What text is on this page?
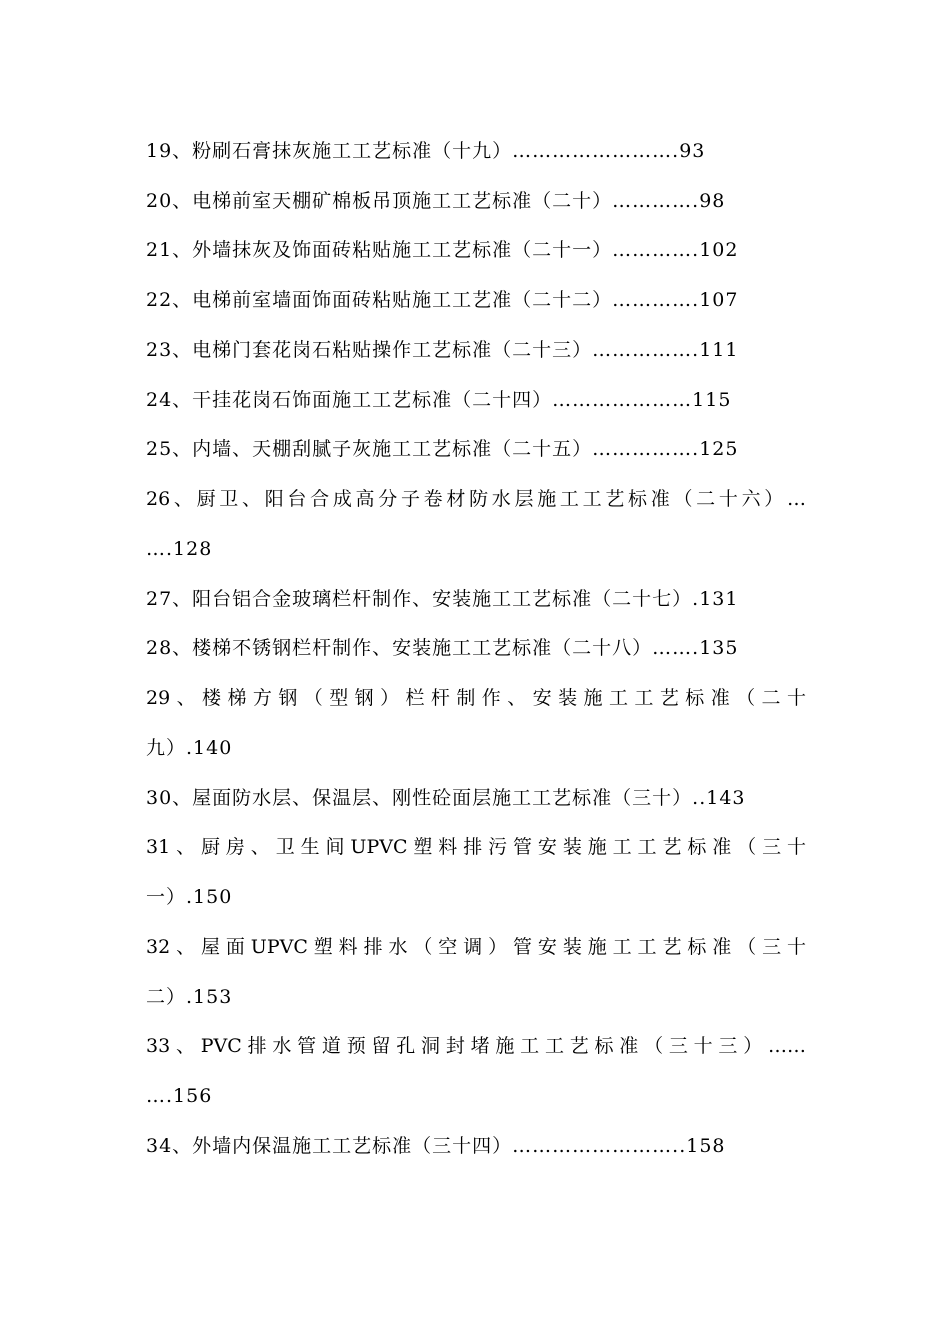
19、粉刷石膏抹灰施工工艺标准（十九）…………………….93
20、电梯前室天棚矿棉板吊顶施工工艺标准（二十）………….98
21、外墙抹灰及饰面砖粘贴施工工艺标准（二十一）………….102
22、电梯前室墙面饰面砖粘贴施工工艺准（二十二）………….107
23、电梯门套花岗石粘贴操作工艺标准（二十三）…………….111
24、干挂花岗石饰面施工工艺标准（二十四）…………………115
25、内墙、天棚刮腻子灰施工工艺标准（二十五）…………….125
26、厨卫、阳台合成高分子卷材防水层施工工艺标准（二十六）…
….128
27、阳台铝合金玻璃栏杆制作、安装施工工艺标准（二十七）.131
28、楼梯不锈钢栏杆制作、安装施工工艺标准（二十八）…….135
29、楼梯方钢（型钢）栏杆制作、安装施工工艺标准（二十
九）.140
30、屋面防水层、保温层、刚性砼面层施工工艺标准（三十）..143
31、厨房、卫生间UPVC塑料排污管安装施工工艺标准（三十
一）.150
32、屋面UPVC塑料排水（空调）管安装施工工艺标准（三十
二）.153
33、PVC排水管道预留孔洞封堵施工工艺标准（三十三）……
….156
34、外墙内保温施工工艺标准（三十四）……………………..158
